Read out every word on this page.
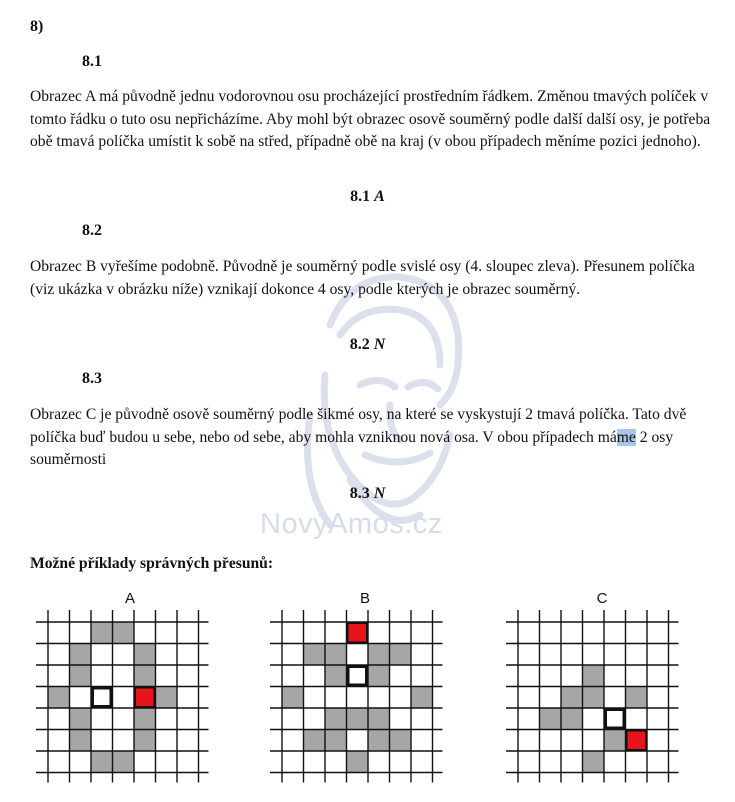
8)
8.1
Obrazec A má původně jednu vodorovnou osu procházející prostředním řádkem. Změnou tmavých políček v tomto řádku o tuto osu nepřicházíme. Aby mohl být obrazec osově souměrný podle další další osy, je potřeba obě tmavá políčka umístit k sobě na střed, případně obě na kraj (v obou případech měníme pozici jednoho).
8.1 A
NovýAmos.cz
8.2
Obrazec B vyřešíme podobně. Původně je souměrný podle svislé osy (4. sloupec zleva). Přesunem políčka (viz ukázka v obrázku níže) vznikají dokonce 4 osy, podle kterých je obrazec souměrný.
8.2 N
8.3
Obrazec C je původně osově souměrný podle šikmé osy, na které se vyskystují 2 tmavá políčka. Tato dvě políčka buď budou u sebe, nebo od sebe, aby mohla vzniknou nová osa. V obou případech máme 2 osy souměrnosti
8.3 N
Možné příklady správných přesunů:
A	B	C
